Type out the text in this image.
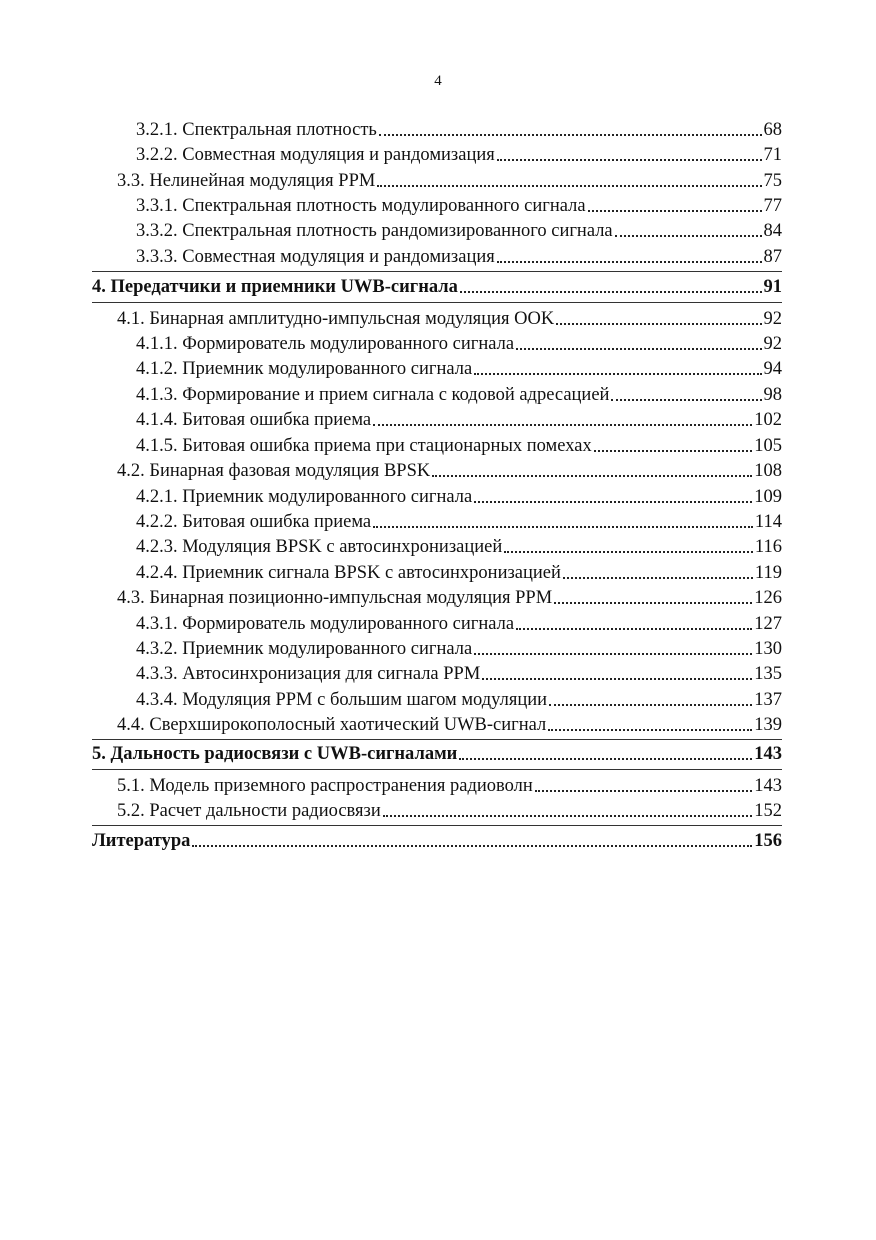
4
3.2.1. Спектральная плотность	68
3.2.2. Совместная модуляция и рандомизация	71
3.3. Нелинейная модуляция PPM	75
3.3.1. Спектральная плотность модулированного сигнала	77
3.3.2. Спектральная плотность рандомизированного сигнала	84
3.3.3. Совместная модуляция и рандомизация	87
4. Передатчики и приемники UWB-сигнала	91
4.1. Бинарная амплитудно-импульсная модуляция OOK	92
4.1.1. Формирователь модулированного сигнала	92
4.1.2. Приемник модулированного сигнала	94
4.1.3. Формирование и прием сигнала с кодовой адресацией	98
4.1.4. Битовая ошибка приема	102
4.1.5. Битовая ошибка приема при стационарных помехах	105
4.2. Бинарная фазовая модуляция BPSK	108
4.2.1. Приемник модулированного сигнала	109
4.2.2. Битовая ошибка приема	114
4.2.3. Модуляция BPSK с автосинхронизацией	116
4.2.4. Приемник сигнала BPSK с автосинхронизацией	119
4.3. Бинарная позиционно-импульсная модуляция PPM	126
4.3.1. Формирователь модулированного сигнала	127
4.3.2. Приемник модулированного сигнала	130
4.3.3. Автосинхронизация для сигнала PPM	135
4.3.4. Модуляция PPM с большим шагом модуляции	137
4.4. Сверхширокополосный хаотический UWB-сигнал	139
5. Дальность радиосвязи с UWB-сигналами	143
5.1. Модель приземного распространения радиоволн	143
5.2. Расчет дальности радиосвязи	152
Литература	156
